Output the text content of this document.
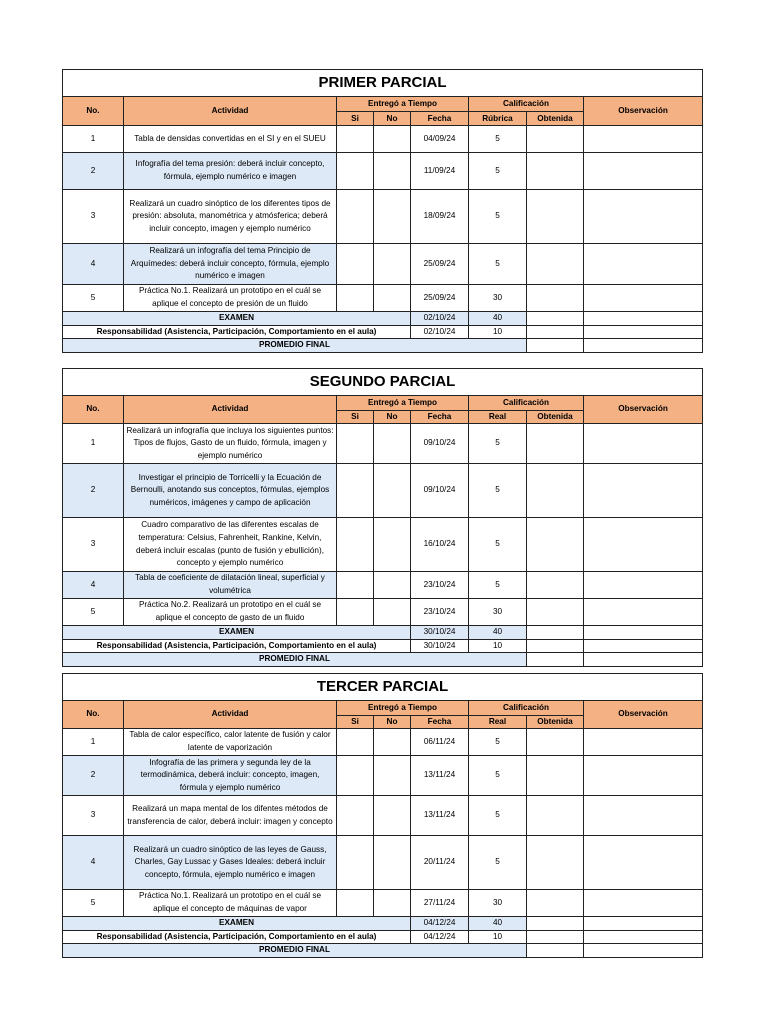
PRIMER PARCIAL							
No.	Actividad	Entregó a Tiempo			Calificación		Observación
		Si	No	Fecha	Rúbrica	Obtenida	
1	Tabla de densidas convertidas en el SI y en el SUEU			04/09/24	5		
2	Infografía del tema presión: deberá incluir concepto, fórmula, ejemplo numérico e imagen			11/09/24	5		
3	Realizará un cuadro sinóptico de los diferentes tipos de presión: absoluta, manométrica y atmósferica; deberá incluir concepto, imagen y ejemplo numérico			18/09/24	5		
4	Realizará un infografía del tema Principio de Arquímedes: deberá incluir concepto, fórmula, ejemplo numérico e imagen			25/09/24	5		
5	Práctica No.1. Realizará un prototipo en el cuál se aplique el concepto de presión de un fluido			25/09/24	30		
EXAMEN				02/10/24	40		
Responsabilidad (Asistencia, Participación, Comportamiento en el aula)				02/10/24	10		
PROMEDIO FINAL							
SEGUNDO PARCIAL							
No.	Actividad	Entregó a Tiempo			Calificación		Observación
		Si	No	Fecha	Real	Obtenida	
1	Realizará un infografía que incluya los siguientes puntos: Tipos de flujos, Gasto de un fluido, fórmula, imagen y ejemplo numérico			09/10/24	5		
2	Investigar el principio de Torricelli y la Ecuación de Bernoulli, anotando sus conceptos, fórmulas, ejemplos numéricos, imágenes y campo de aplicación			09/10/24	5		
3	Cuadro comparativo de las diferentes escalas de temperatura: Celsius, Fahrenheit, Rankine, Kelvin, deberá incluir escalas (punto de fusión y ebullición), concepto y ejemplo numérico			16/10/24	5		
4	Tabla de coeficiente de dilatación lineal, superficial y volumétrica			23/10/24	5		
5	Práctica No.2. Realizará un prototipo en el cuál se aplique el concepto de gasto de un fluido			23/10/24	30		
EXAMEN				30/10/24	40		
Responsabilidad (Asistencia, Participación, Comportamiento en el aula)				30/10/24	10		
PROMEDIO FINAL							
TERCER PARCIAL							
No.	Actividad	Entregó a Tiempo			Calificación		Observación
		Si	No	Fecha	Real	Obtenida	
1	Tabla de calor específico, calor latente de fusión y calor latente de vaporización			06/11/24	5		
2	Infografía de las primera y segunda ley de la termodinámica, deberá incluir: concepto, imagen, fórmula y ejemplo numérico			13/11/24	5		
3	Realizará un mapa mental de los difentes métodos de transferencia de calor, deberá incluir: imagen y concepto			13/11/24	5		
4	Realizará un cuadro sinóptico de las leyes de Gauss, Charles, Gay Lussac y Gases Ideales: deberá incluir concepto, fórmula, ejemplo numérico e imagen			20/11/24	5		
5	Práctica No.1. Realizará un prototipo en el cuál se aplique el concepto de máquinas de vapor			27/11/24	30		
EXAMEN				04/12/24	40		
Responsabilidad (Asistencia, Participación, Comportamiento en el aula)				04/12/24	10		
PROMEDIO FINAL							
